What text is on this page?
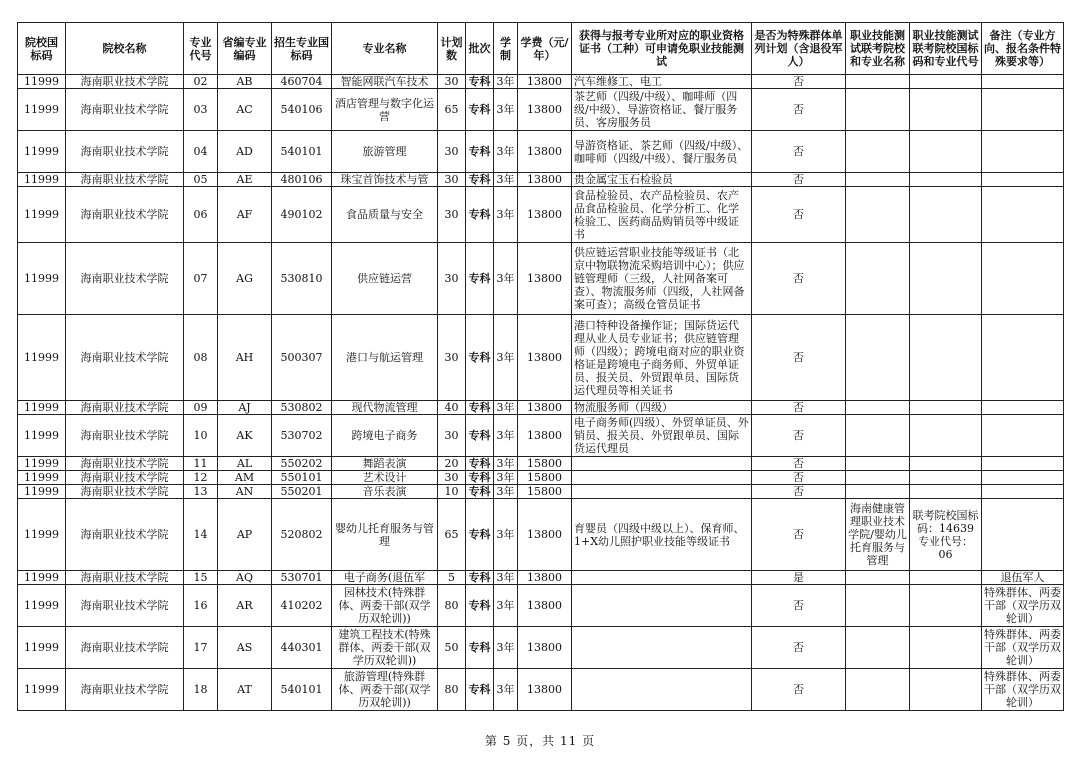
院校国标码	院校名称	专业代号	省编专业编码	招生专业国标码	专业名称	计划数	批次	学制	学费（元/年）	获得与报考专业所对应的职业资格证书（工种）可申请免职业技能测试	是否为特殊群体单列计划（含退役军人）	职业技能测试联考院校和专业名称	职业技能测试联考院校国标码和专业代号	备注（专业方向、报名条件特殊要求等）
11999	海南职业技术学院	02	AB	460704	智能网联汽车技术	30	专科	3年	13800	汽车维修工、电工	否			
11999	海南职业技术学院	03	AC	540106	酒店管理与数字化运营	65	专科	3年	13800	茶艺师（四级/中级）、咖啡师（四级/中级）、导游资格证、餐厅服务员、客房服务员	否			
11999	海南职业技术学院	04	AD	540101	旅游管理	30	专科	3年	13800	导游资格证、茶艺师（四级/中级）、咖啡师（四级/中级）、餐厅服务员	否			
11999	海南职业技术学院	05	AE	480106	珠宝首饰技术与管	30	专科	3年	13800	贵金属宝玉石检验员	否			
11999	海南职业技术学院	06	AF	490102	食品质量与安全	30	专科	3年	13800	食品检验员、农产品检验员、农产品食品检验员、化学分析工、化学检验工、医药商品购销员等中级证书	否			
11999	海南职业技术学院	07	AG	530810	供应链运营	30	专科	3年	13800	供应链运营职业技能等级证书（北京中物联物流采购培训中心）；供应链管理师（三级，人社网备案可查）、物流服务师（四级，人社网备案可查）；高级仓管员证书	否			
11999	海南职业技术学院	08	AH	500307	港口与航运管理	30	专科	3年	13800	港口特种设备操作证；国际货运代理从业人员专业证书；供应链管理师（四级）；跨境电商对应的职业资格证是跨境电子商务师、外贸单证员、报关员、外贸跟单员、国际货运代理员等相关证书	否			
11999	海南职业技术学院	09	AJ	530802	现代物流管理	40	专科	3年	13800	物流服务师（四级）	否			
11999	海南职业技术学院	10	AK	530702	跨境电子商务	30	专科	3年	13800	电子商务师(四级）、外贸单证员、外销员、报关员、外贸跟单员、国际货运代理员	否			
11999	海南职业技术学院	11	AL	550202	舞蹈表演	20	专科	3年	15800		否			
11999	海南职业技术学院	12	AM	550101	艺术设计	30	专科	3年	15800		否			
11999	海南职业技术学院	13	AN	550201	音乐表演	10	专科	3年	15800		否			
11999	海南职业技术学院	14	AP	520802	婴幼儿托育服务与管理	65	专科	3年	13800	育婴员（四级中级以上）、保育师、1+X幼儿照护职业技能等级证书	否	海南健康管理职业技术学院/婴幼儿托育服务与管理	联考院校国标码：14639专业代号：06	
11999	海南职业技术学院	15	AQ	530701	电子商务(退伍军	5	专科	3年	13800		是			退伍军人
11999	海南职业技术学院	16	AR	410202	园林技术(特殊群体、两委干部(双学历双轮训))	80	专科	3年	13800		否			特殊群体、两委干部（双学历双轮训）
11999	海南职业技术学院	17	AS	440301	建筑工程技术(特殊群体、两委干部(双学历双轮训))	50	专科	3年	13800		否			特殊群体、两委干部（双学历双轮训）
11999	海南职业技术学院	18	AT	540101	旅游管理(特殊群体、两委干部(双学历双轮训))	80	专科	3年	13800		否			特殊群体、两委干部（双学历双轮训）
第 5 页，共 11 页
